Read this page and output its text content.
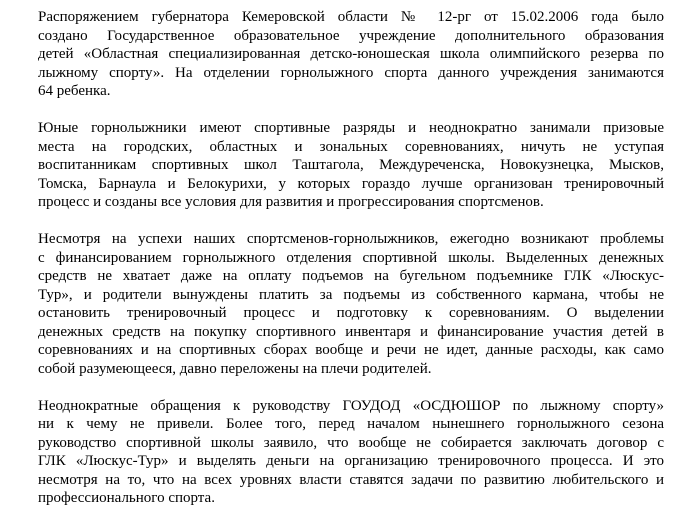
Распоряжением губернатора Кемеровской области № 12-рг от 15.02.2006 года было
создано Государственное образовательное учреждение дополнительного образования
детей «Областная специализированная детско-юношеская школа олимпийского резерва по
лыжному спорту». На отделении горнолыжного спорта данного учреждения занимаются
64 ребенка.

Юные горнолыжники имеют спортивные разряды и неоднократно занимали призовые
места на городских, областных и зональных соревнованиях, ничуть не уступая
воспитанникам спортивных школ Таштагола, Междуреченска, Новокузнецка, Мысков,
Томска, Барнаула и Белокурихи, у которых гораздо лучше организован тренировочный
процесс и созданы все условия для развития и прогрессирования спортсменов.

Несмотря на успехи наших спортсменов-горнолыжников, ежегодно возникают проблемы
с финансированием горнолыжного отделения спортивной школы. Выделенных денежных
средств не хватает даже на оплату подъемов на бугельном подъемнике ГЛК «Люскус-
Тур», и родители вынуждены платить за подъемы из собственного кармана, чтобы не
остановить тренировочный процесс и подготовку к соревнованиям. О выделении
денежных средств на покупку спортивного инвентаря и финансирование участия детей в
соревнованиях и на спортивных сборах вообще и речи не идет, данные расходы, как само
собой разумеющееся, давно переложены на плечи родителей.

Неоднократные обращения к руководству ГОУДОД «ОСДЮШОР по лыжному спорту»
ни к чему не привели. Более того, перед началом нынешнего горнолыжного сезона
руководство спортивной школы заявило, что вообще не собирается заключать договор с
ГЛК «Люскус-Тур» и выделять деньги на организацию тренировочного процесса. И это
несмотря на то, что на всех уровнях власти ставятся задачи по развитию любительского и
профессионального спорта.
